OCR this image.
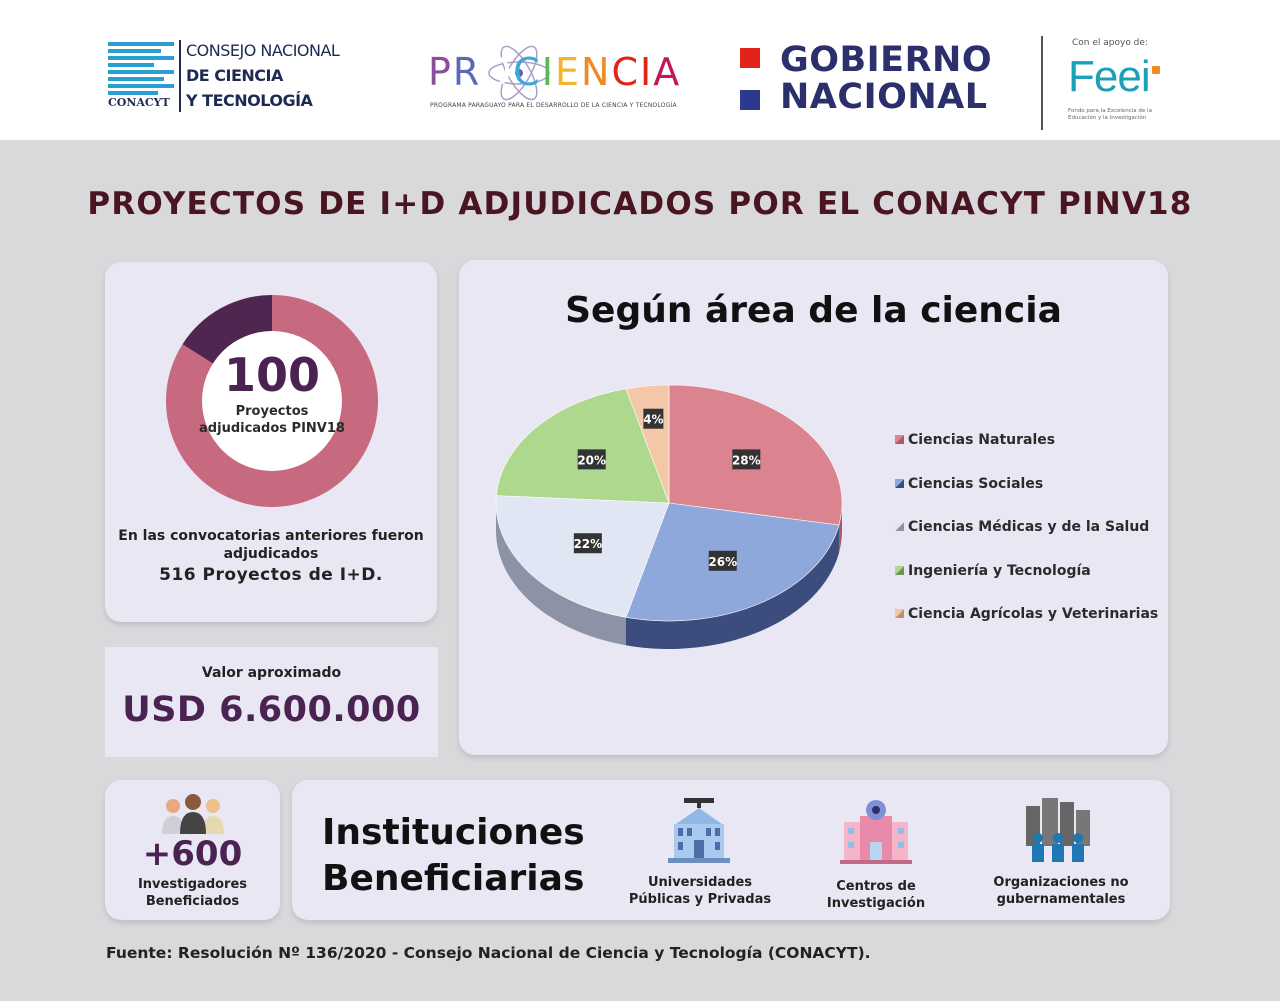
CONACYT
CONSEJO NACIONAL
DE CIENCIA
Y TECNOLOGÍA
PROCIENCIA
PROGRAMA PARAGUAYO PARA EL DESARROLLO DE LA CIENCIA Y TECNOLOGÍA
GOBIERNO
NACIONAL
Con el apoyo de:
Feei
Fondo para la Excelencia de la Educación y la Investigación
PROYECTOS DE I+D ADJUDICADOS POR EL CONACYT PINV18
100
Proyectos adjudicados PINV18
En las convocatorias anteriores fueron adjudicados
516 Proyectos de I+D.
Valor aproximado
USD 6.600.000
Según área de la ciencia
28%
26%
22%
20%
4%
Ciencias Naturales
Ciencias Sociales
Ciencias Médicas y de la Salud
Ingeniería y Tecnología
Ciencia Agrícolas y Veterinarias
+600
Investigadores Beneficiados
Instituciones
Beneficiarias	Universidades Públicas y Privadas
Centros de Investigación
Organizaciones no gubernamentales
Fuente: Resolución Nº 136/2020 - Consejo Nacional de Ciencia y Tecnología (CONACYT).
